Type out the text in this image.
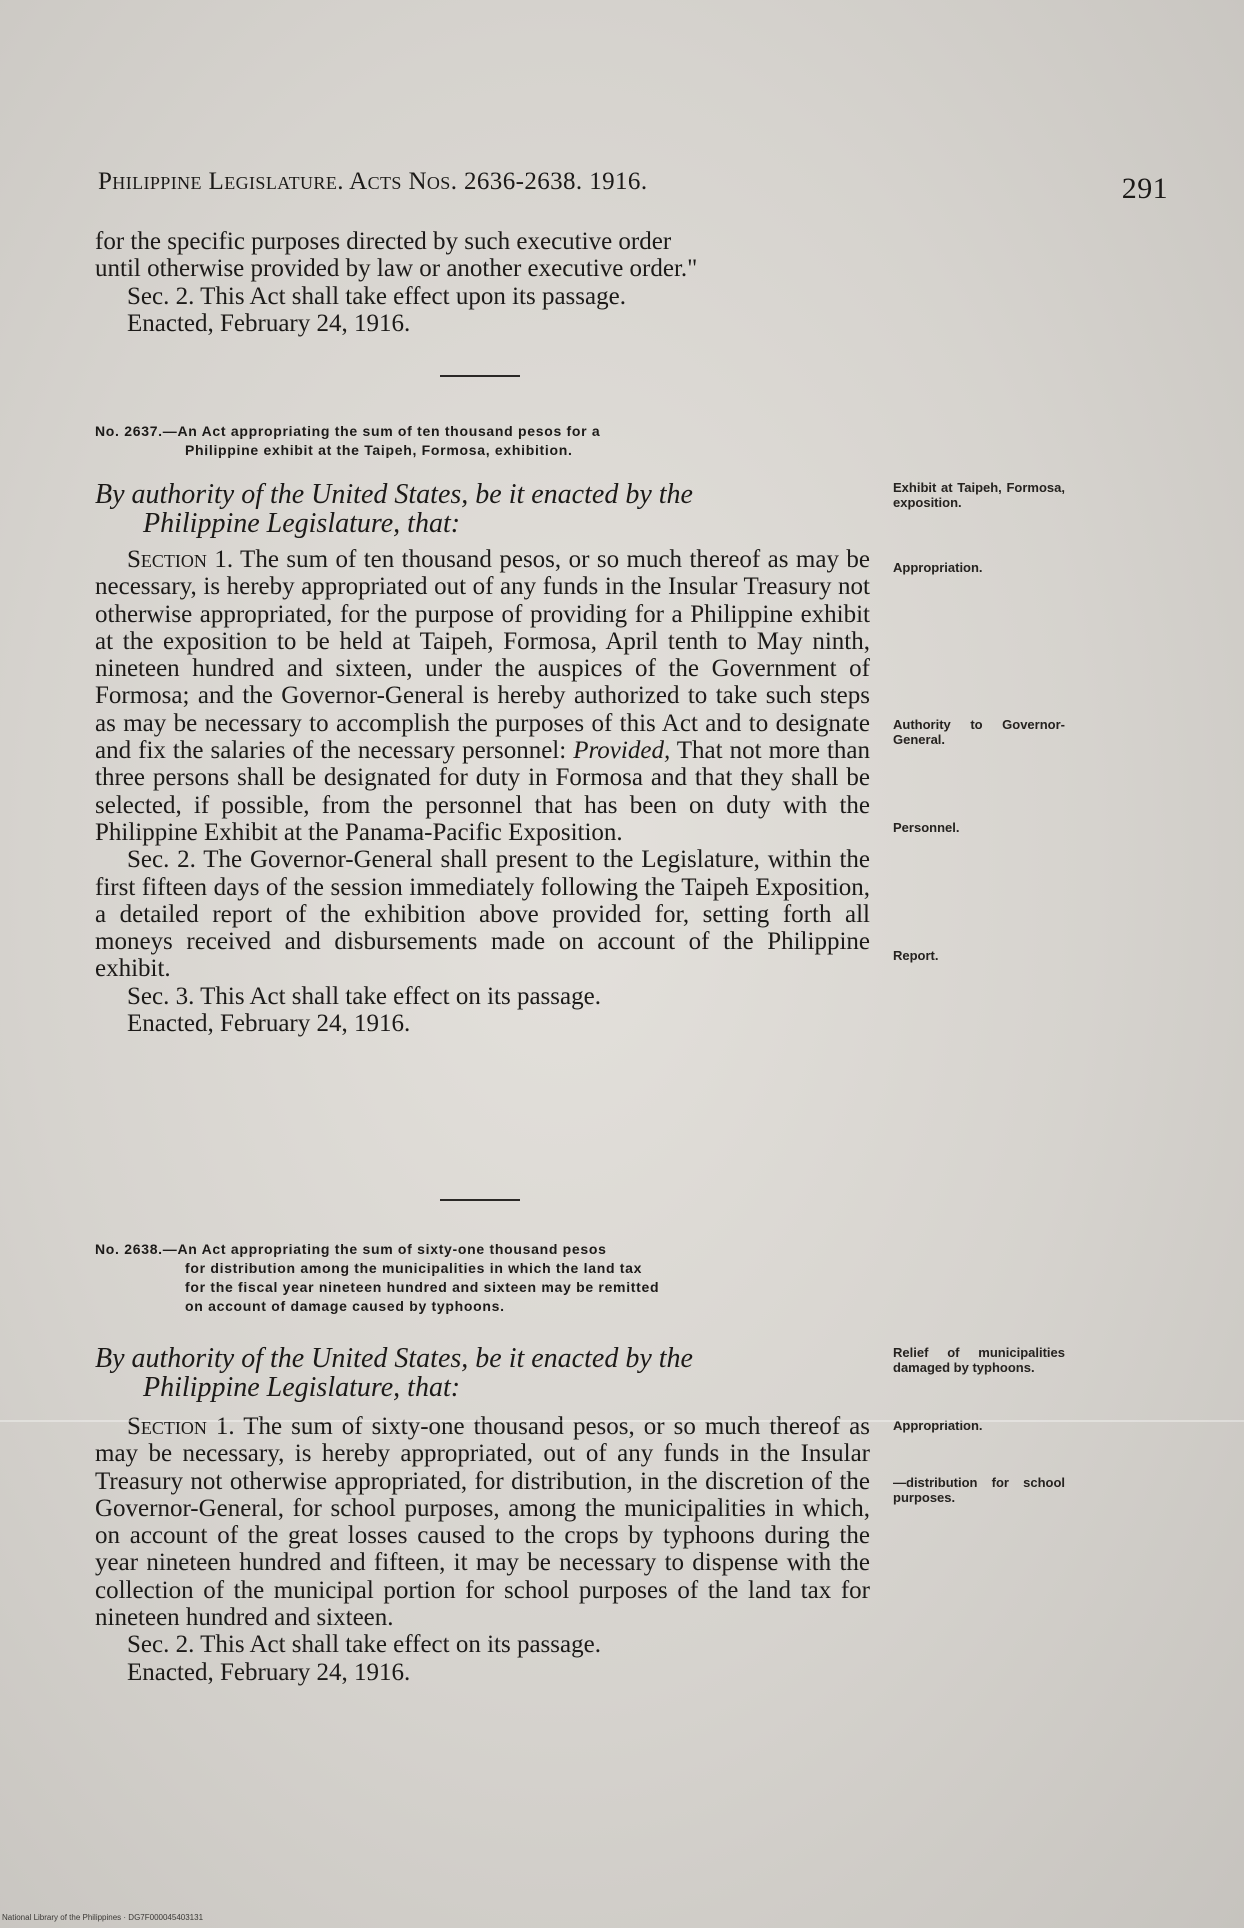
Philippine Legislature. Acts Nos. 2636-2638. 1916.	291

for the specific purposes directed by such executive order

until otherwise provided by law or another executive order."

Sec. 2. This Act shall take effect upon its passage.

Enacted, February 24, 1916.

No. 2637.—An Act appropriating the sum of ten thousand pesos for a
Philippine exhibit at the Taipeh, Formosa, exhibition.

By authority of the United States, be it enacted by the
Philippine Legislature, that:

Section 1. The sum of ten thousand pesos, or so much thereof as may be necessary, is hereby appropriated out of any funds in the Insular Treasury not otherwise appropriated, for the purpose of providing for a Philippine exhibit at the exposition to be held at Taipeh, Formosa, April tenth to May ninth, nineteen hundred and sixteen, under the auspices of the Government of Formosa; and the Governor-General is hereby authorized to take such steps as may be necessary to accomplish the purposes of this Act and to designate and fix the salaries of the necessary personnel: Provided, That not more than three persons shall be designated for duty in Formosa and that they shall be selected, if possible, from the personnel that has been on duty with the Philippine Exhibit at the Panama-Pacific Exposition.

Sec. 2. The Governor-General shall present to the Legislature, within the first fifteen days of the session immediately following the Taipeh Exposition, a detailed report of the exhibition above provided for, setting forth all moneys received and disbursements made on account of the Philippine exhibit.

Sec. 3. This Act shall take effect on its passage.

Enacted, February 24, 1916.

Exhibit at Taipeh, Formosa, exposition.
Appropriation.
Authority to Governor-General.
Personnel.
Report.

No. 2638.—An Act appropriating the sum of sixty-one thousand pesos
for distribution among the municipalities in which the land tax
for the fiscal year nineteen hundred and sixteen may be remitted
on account of damage caused by typhoons.

By authority of the United States, be it enacted by the
Philippine Legislature, that:

Section 1. The sum of sixty-one thousand pesos, or so much thereof as may be necessary, is hereby appropriated, out of any funds in the Insular Treasury not otherwise appropriated, for distribution, in the discretion of the Governor-General, for school purposes, among the municipalities in which, on account of the great losses caused to the crops by typhoons during the year nineteen hundred and fifteen, it may be necessary to dispense with the collection of the municipal portion for school purposes of the land tax for nineteen hundred and sixteen.

Sec. 2. This Act shall take effect on its passage.

Enacted, February 24, 1916.

Relief of municipalities damaged by typhoons.
Appropriation.
—distribution for school purposes.
National Library of the Philippines · DG7F000045403131
